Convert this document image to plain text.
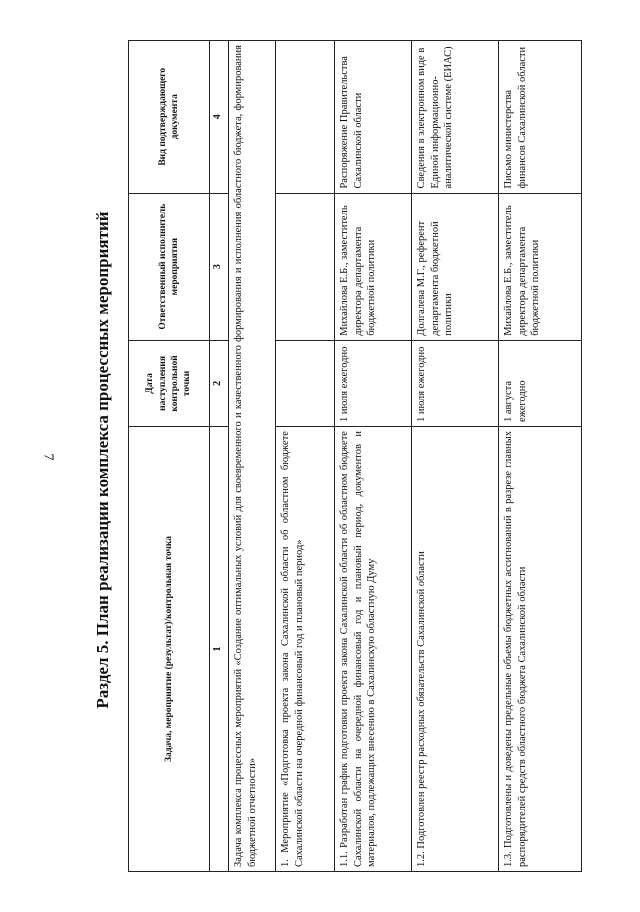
7	Раздел 5. План реализации комплекса процессных мероприятий	Задача, мероприятие (результат)/контрольная точка	Дата наступления контрольной точки	Ответственный исполнитель мероприятия	Вид подтверждающего документа
1	2	3	4
Задача комплекса процессных мероприятий «Создание оптимальных условий для своевременного и качественного формирования и исполнения областного бюджета, формирования бюджетной отчетности»			
1. Мероприятие «Подготовка проекта закона Сахалинской области об областном бюджете Сахалинской области на очередной финансовый год и плановый период»			
1.1. Разработан график подготовки проекта закона Сахалинской области об областном бюджете Сахалинской области на очередной финансовый год и плановый период, документов и материалов, подлежащих внесению в Сахалинскую областную Думу	1 июля ежегодно	Михайлова Е.Б., заместитель директора департамента бюджетной политики	Распоряжение Правительства Сахалинской области
1.2. Подготовлен реестр расходных обязательств Сахалинской области	1 июля ежегодно	Долгалева М.Г., референт департамента бюджетной политики	Сведения в электронном виде в Единой информационно-аналитической системе (ЕИАС)
1.3. Подготовлены и доведены предельные объемы бюджетных ассигнований в разрезе главных распорядителей средств областного бюджета Сахалинской области	1 августа ежегодно	Михайлова Е.Б., заместитель директора департамента бюджетной политики	Письмо министерства финансов Сахалинской области
